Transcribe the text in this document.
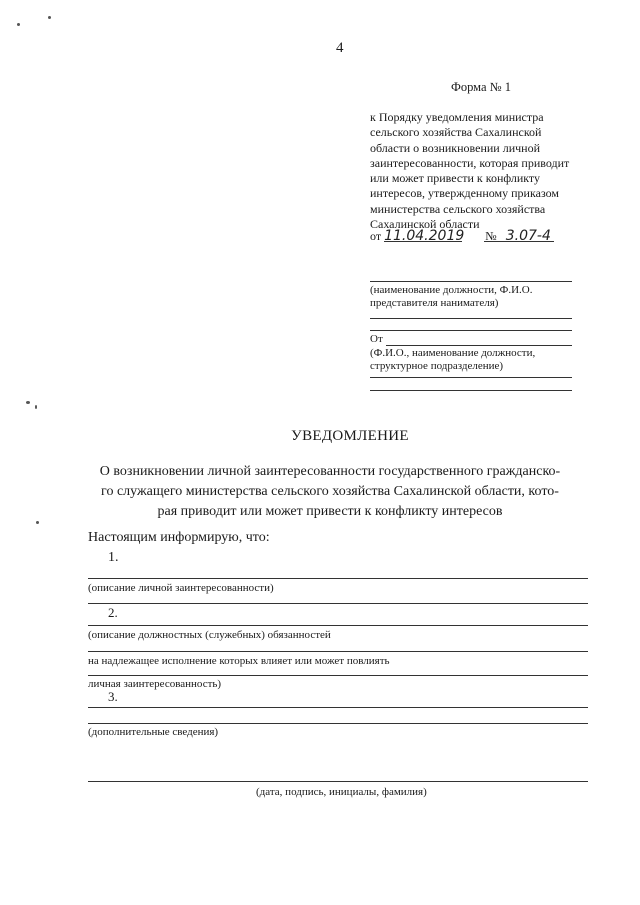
4
Форма № 1
к Порядку уведомления министра
сельского хозяйства Сахалинской
области о возникновении личной
заинтересованности, которая приводит
или может привести к конфликту
интересов, утвержденному приказом
министерства сельского хозяйства
Сахалинской области
от 11.04.2019 № 3.07-4
(наименование должности, Ф.И.О.
представителя нанимателя)
От
(Ф.И.О., наименование должности,
структурное подразделение)
УВЕДОМЛЕНИЕ
О возникновении личной заинтересованности государственного гражданско-
го служащего министерства сельского хозяйства Сахалинской области, кото-
рая приводит или может привести к конфликту интересов
Настоящим информирую, что:
1.
(описание личной заинтересованности)
2.
(описание должностных (служебных) обязанностей
на надлежащее исполнение которых влияет или может повлиять
личная заинтересованность)
3.
(дополнительные сведения)
(дата, подпись, инициалы, фамилия)
